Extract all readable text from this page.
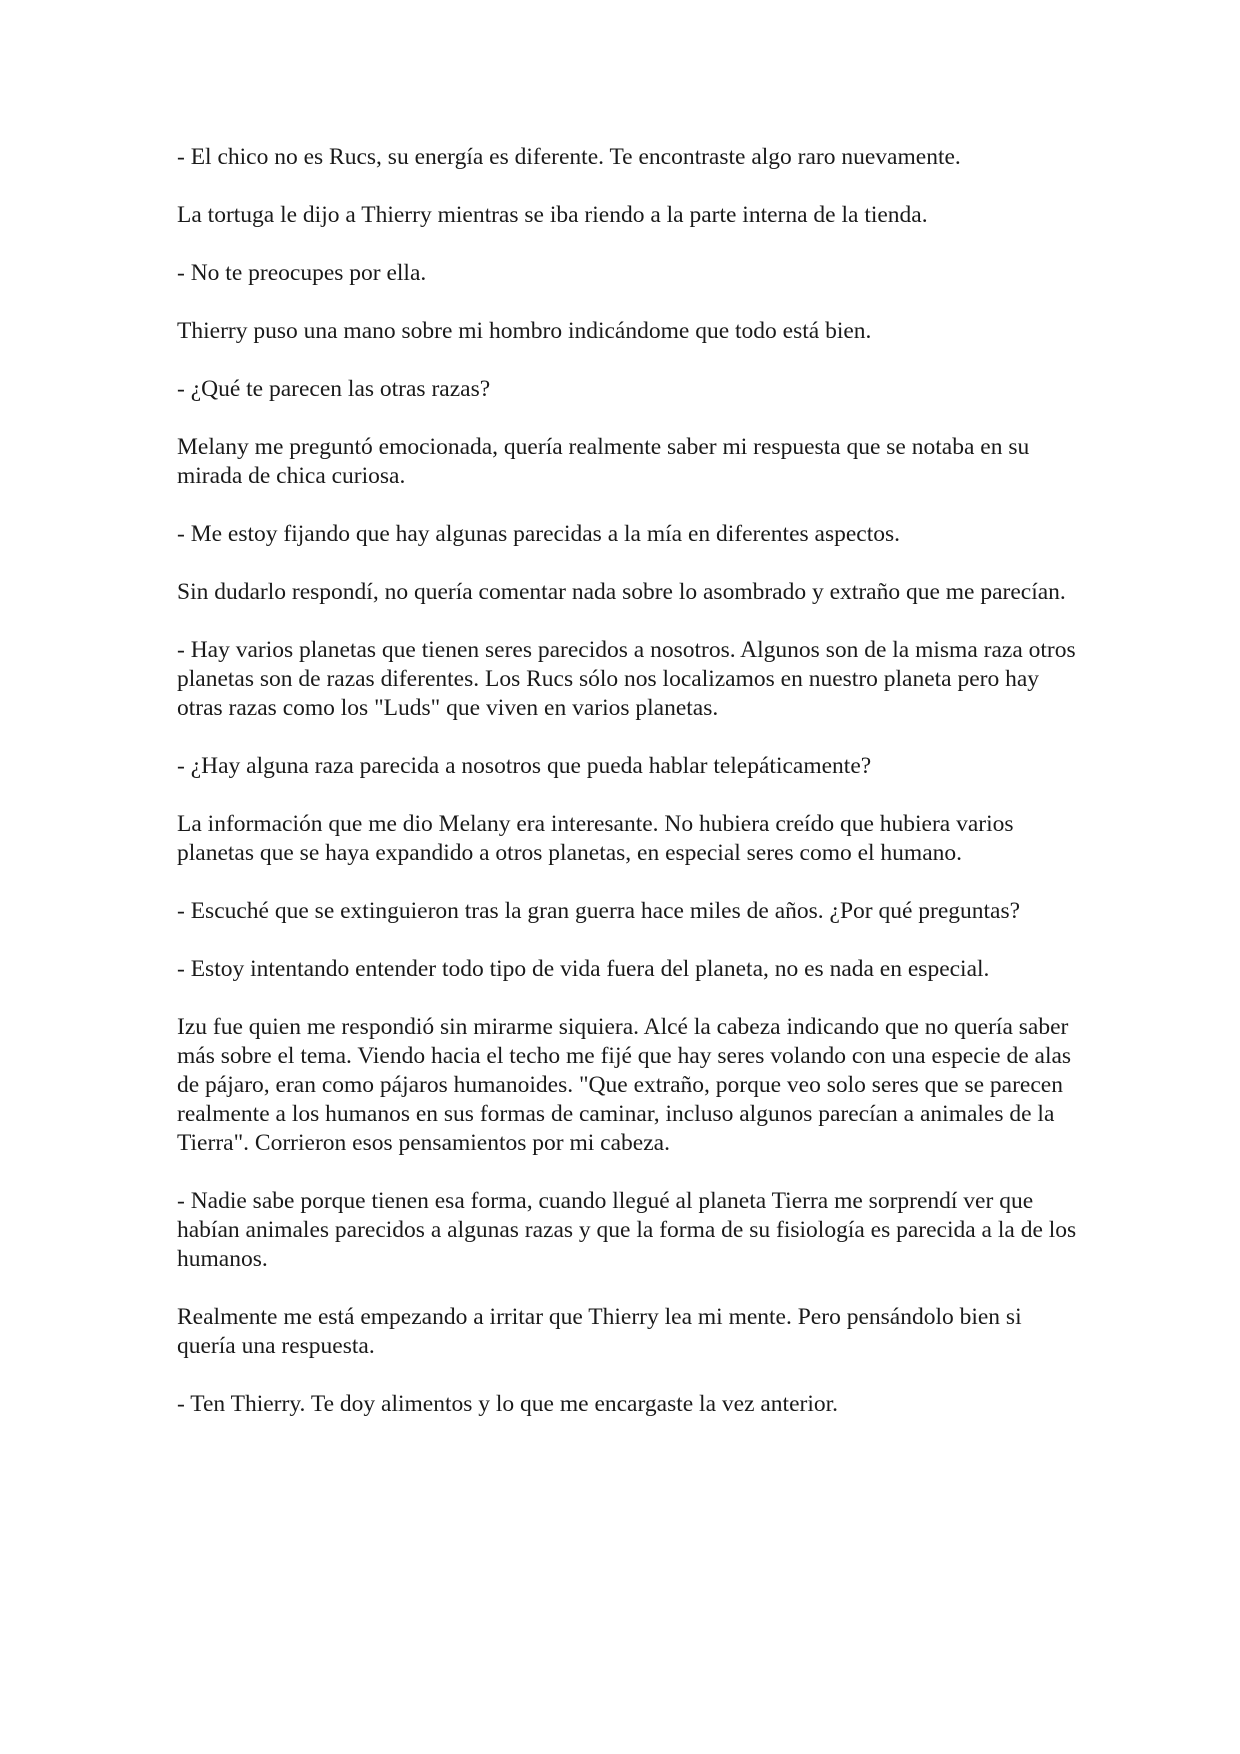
- El chico no es Rucs, su energía es diferente. Te encontraste algo raro nuevamente.

La tortuga le dijo a Thierry mientras se iba riendo a la parte interna de la tienda.

- No te preocupes por ella.

Thierry puso una mano sobre mi hombro indicándome que todo está bien.

- ¿Qué te parecen las otras razas?

Melany me preguntó emocionada, quería realmente saber mi respuesta que se notaba en su mirada de chica curiosa.

- Me estoy fijando que hay algunas parecidas a la mía en diferentes aspectos.

Sin dudarlo respondí, no quería comentar nada sobre lo asombrado y extraño que me parecían.

- Hay varios planetas que tienen seres parecidos a nosotros. Algunos son de la misma raza otros planetas son de razas diferentes. Los Rucs sólo nos localizamos en nuestro planeta pero hay otras razas como los "Luds" que viven en varios planetas.

- ¿Hay alguna raza parecida a nosotros que pueda hablar telepáticamente?

La información que me dio Melany era interesante. No hubiera creído que hubiera varios planetas que se haya expandido a otros planetas, en especial seres como el humano.

- Escuché que se extinguieron tras la gran guerra hace miles de años. ¿Por qué preguntas?

- Estoy intentando entender todo tipo de vida fuera del planeta, no es nada en especial.

Izu fue quien me respondió sin mirarme siquiera. Alcé la cabeza indicando que no quería saber más sobre el tema. Viendo hacia el techo me fijé que hay seres volando con una especie de alas de pájaro, eran como pájaros humanoides. "Que extraño, porque veo solo seres que se parecen realmente a los humanos en sus formas de caminar, incluso algunos parecían a animales de la Tierra". Corrieron esos pensamientos por mi cabeza.

- Nadie sabe porque tienen esa forma, cuando llegué al planeta Tierra me sorprendí ver que habían animales parecidos a algunas razas y que la forma de su fisiología es parecida a la de los humanos.

Realmente me está empezando a irritar que Thierry lea mi mente. Pero pensándolo bien si quería una respuesta.

- Ten Thierry. Te doy alimentos y lo que me encargaste la vez anterior.
